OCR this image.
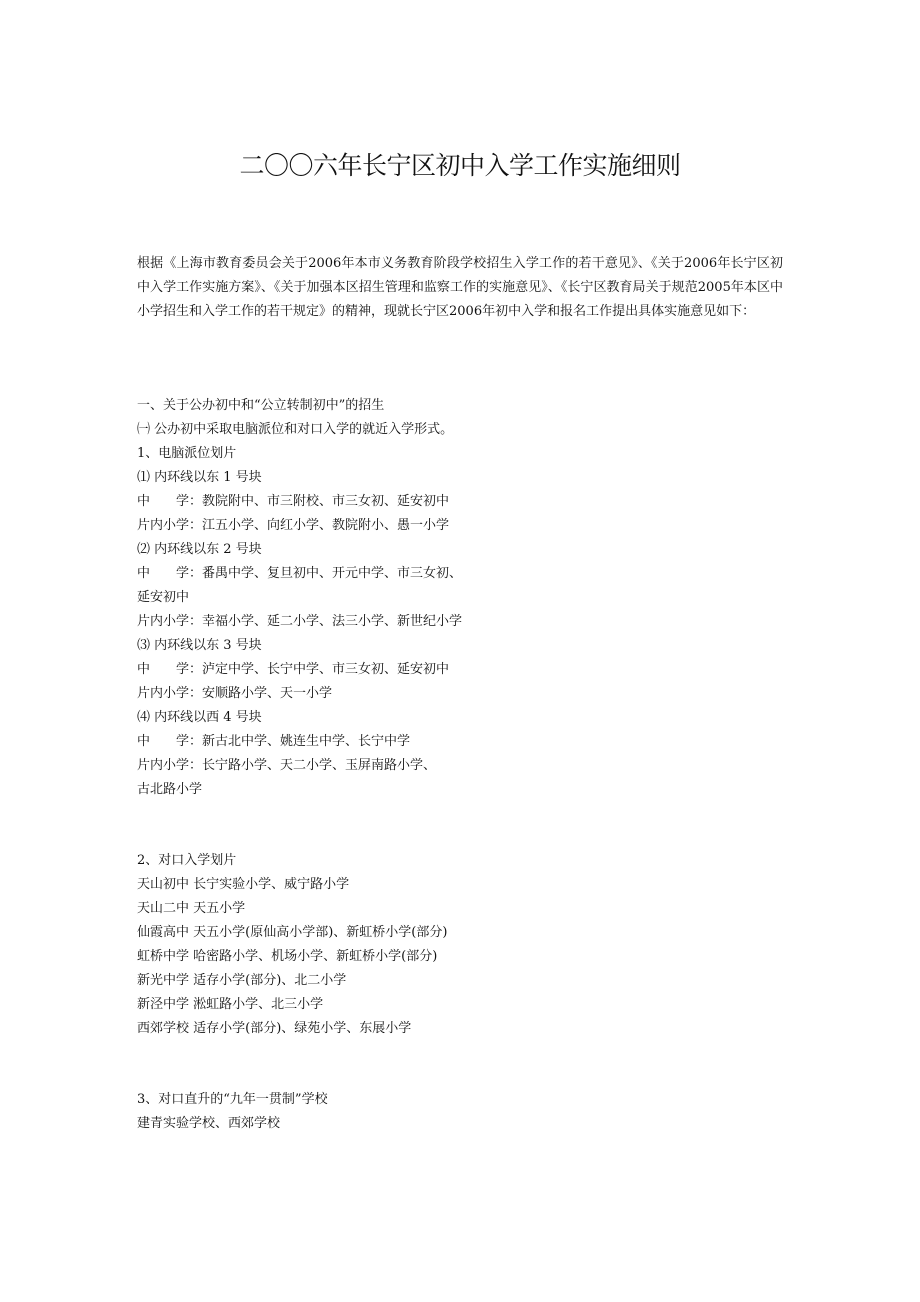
二〇〇六年长宁区初中入学工作实施细则

根据《上海市教育委员会关于2006年本市义务教育阶段学校招生入学工作的若干意见》、《关于2006年长宁区初中入学工作实施方案》、《关于加强本区招生管理和监察工作的实施意见》、《长宁区教育局关于规范2005年本区中小学招生和入学工作的若干规定》的精神，现就长宁区2006年初中入学和报名工作提出具体实施意见如下：

一、关于公办初中和“公立转制初中”的招生
㈠ 公办初中采取电脑派位和对口入学的就近入学形式。
1、电脑派位划片
⑴ 内环线以东 1 号块
中　　学：教院附中、市三附校、市三女初、延安初中
片内小学：江五小学、向红小学、教院附小、愚一小学
⑵ 内环线以东 2 号块
中　　学：番禺中学、复旦初中、开元中学、市三女初、
延安初中
片内小学：幸福小学、延二小学、法三小学、新世纪小学
⑶ 内环线以东 3 号块
中　　学：泸定中学、长宁中学、市三女初、延安初中
片内小学：安顺路小学、天一小学
⑷ 内环线以西 4 号块
中　　学：新古北中学、姚连生中学、长宁中学
片内小学：长宁路小学、天二小学、玉屏南路小学、
古北路小学
2、对口入学划片
天山初中 长宁实验小学、威宁路小学
天山二中 天五小学
仙霞高中 天五小学(原仙高小学部)、新虹桥小学(部分)
虹桥中学 哈密路小学、机场小学、新虹桥小学(部分)
新光中学 适存小学(部分)、北二小学
新泾中学 淞虹路小学、北三小学
西郊学校 适存小学(部分)、绿苑小学、东展小学
3、对口直升的“九年一贯制”学校
建青实验学校、西郊学校
